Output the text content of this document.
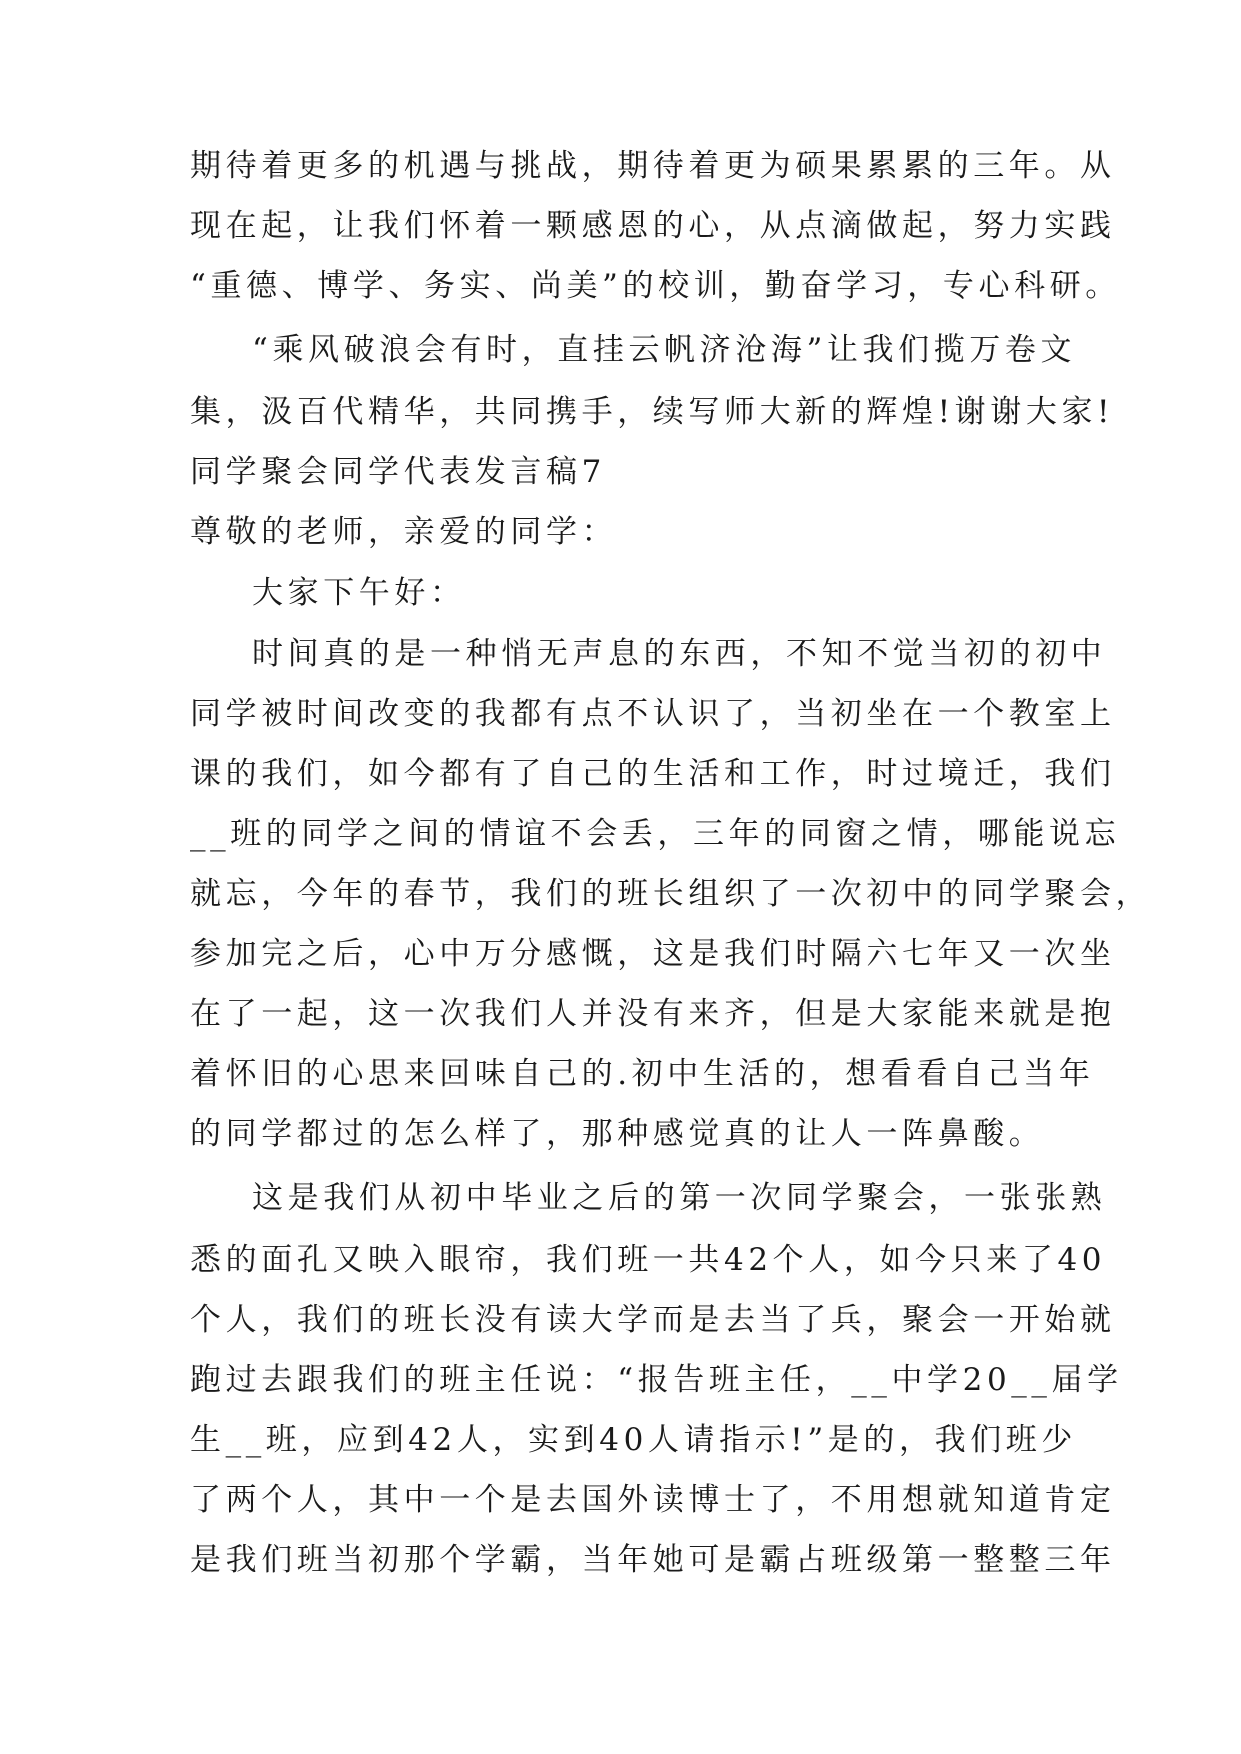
期待着更多的机遇与挑战，期待着更为硕果累累的三年。从
现在起，让我们怀着一颗感恩的心，从点滴做起，努力实践
“重德、博学、务实、尚美”的校训，勤奋学习，专心科研。
“乘风破浪会有时，直挂云帆济沧海”让我们揽万卷文
集，汲百代精华，共同携手，续写师大新的辉煌!谢谢大家!
同学聚会同学代表发言稿7
尊敬的老师，亲爱的同学：
大家下午好：
时间真的是一种悄无声息的东西，不知不觉当初的初中
同学被时间改变的我都有点不认识了，当初坐在一个教室上
课的我们，如今都有了自己的生活和工作，时过境迁，我们
__班的同学之间的情谊不会丢，三年的同窗之情，哪能说忘
就忘，今年的春节，我们的班长组织了一次初中的同学聚会，
参加完之后，心中万分感慨，这是我们时隔六七年又一次坐
在了一起，这一次我们人并没有来齐，但是大家能来就是抱
着怀旧的心思来回味自己的.初中生活的，想看看自己当年
的同学都过的怎么样了，那种感觉真的让人一阵鼻酸。
这是我们从初中毕业之后的第一次同学聚会，一张张熟
悉的面孔又映入眼帘，我们班一共42个人，如今只来了40
个人，我们的班长没有读大学而是去当了兵，聚会一开始就
跑过去跟我们的班主任说：“报告班主任，__中学20__届学
生__班，应到42人，实到40人请指示!”是的，我们班少
了两个人，其中一个是去国外读博士了，不用想就知道肯定
是我们班当初那个学霸，当年她可是霸占班级第一整整三年
